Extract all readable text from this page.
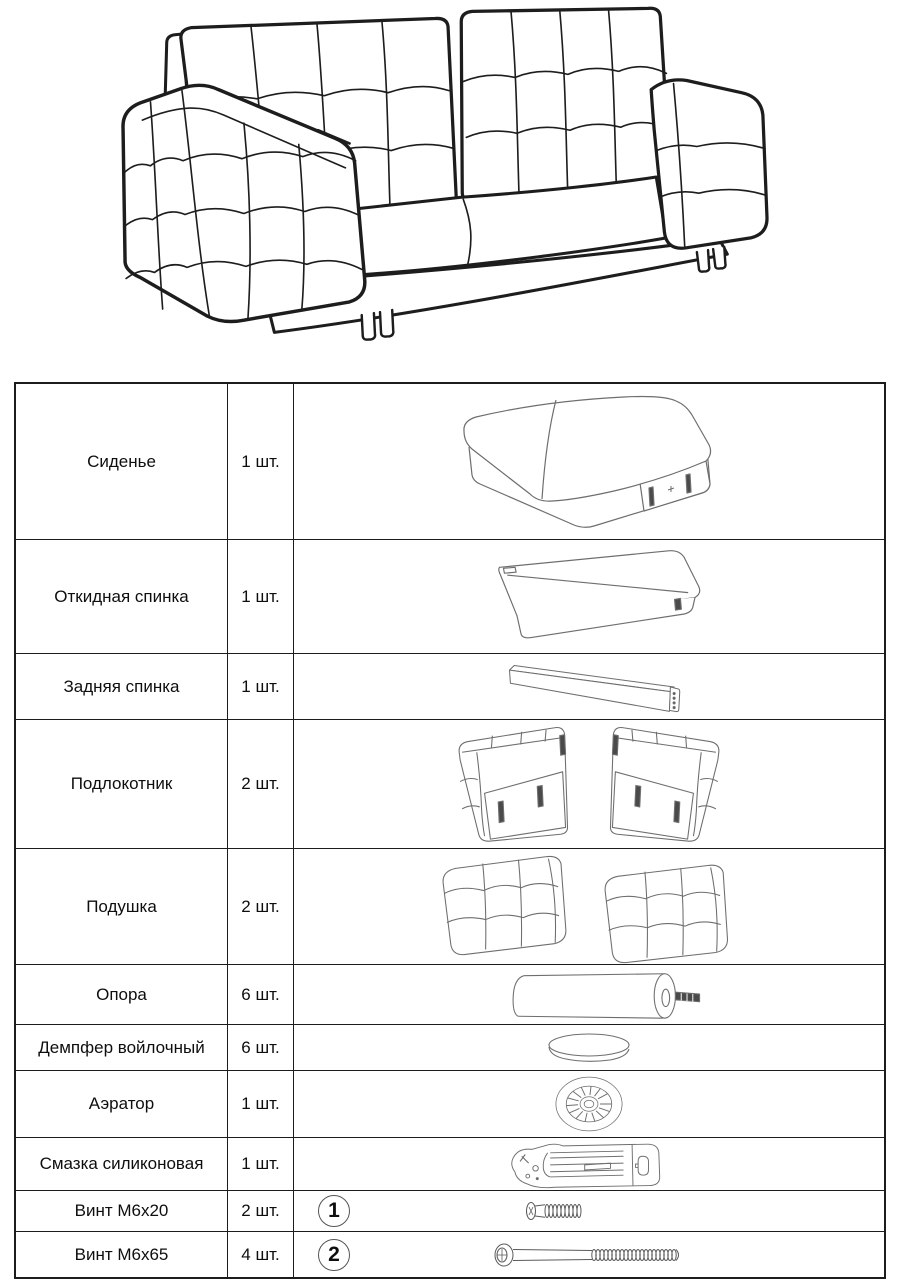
Сиденье	1 шт.	

Откидная спинка	1 шт.	

Задняя спинка	1 шт.	

Подлокотник	2 шт.	

Подушка	2 шт.	

Опора	6 шт.	

Демпфер войлочный	6 шт.	

Аэратор	1 шт.	

Смазка силиконовая	1 шт.	

Винт М6х20	2 шт.	1

Винт М6х65	4 шт.	2
